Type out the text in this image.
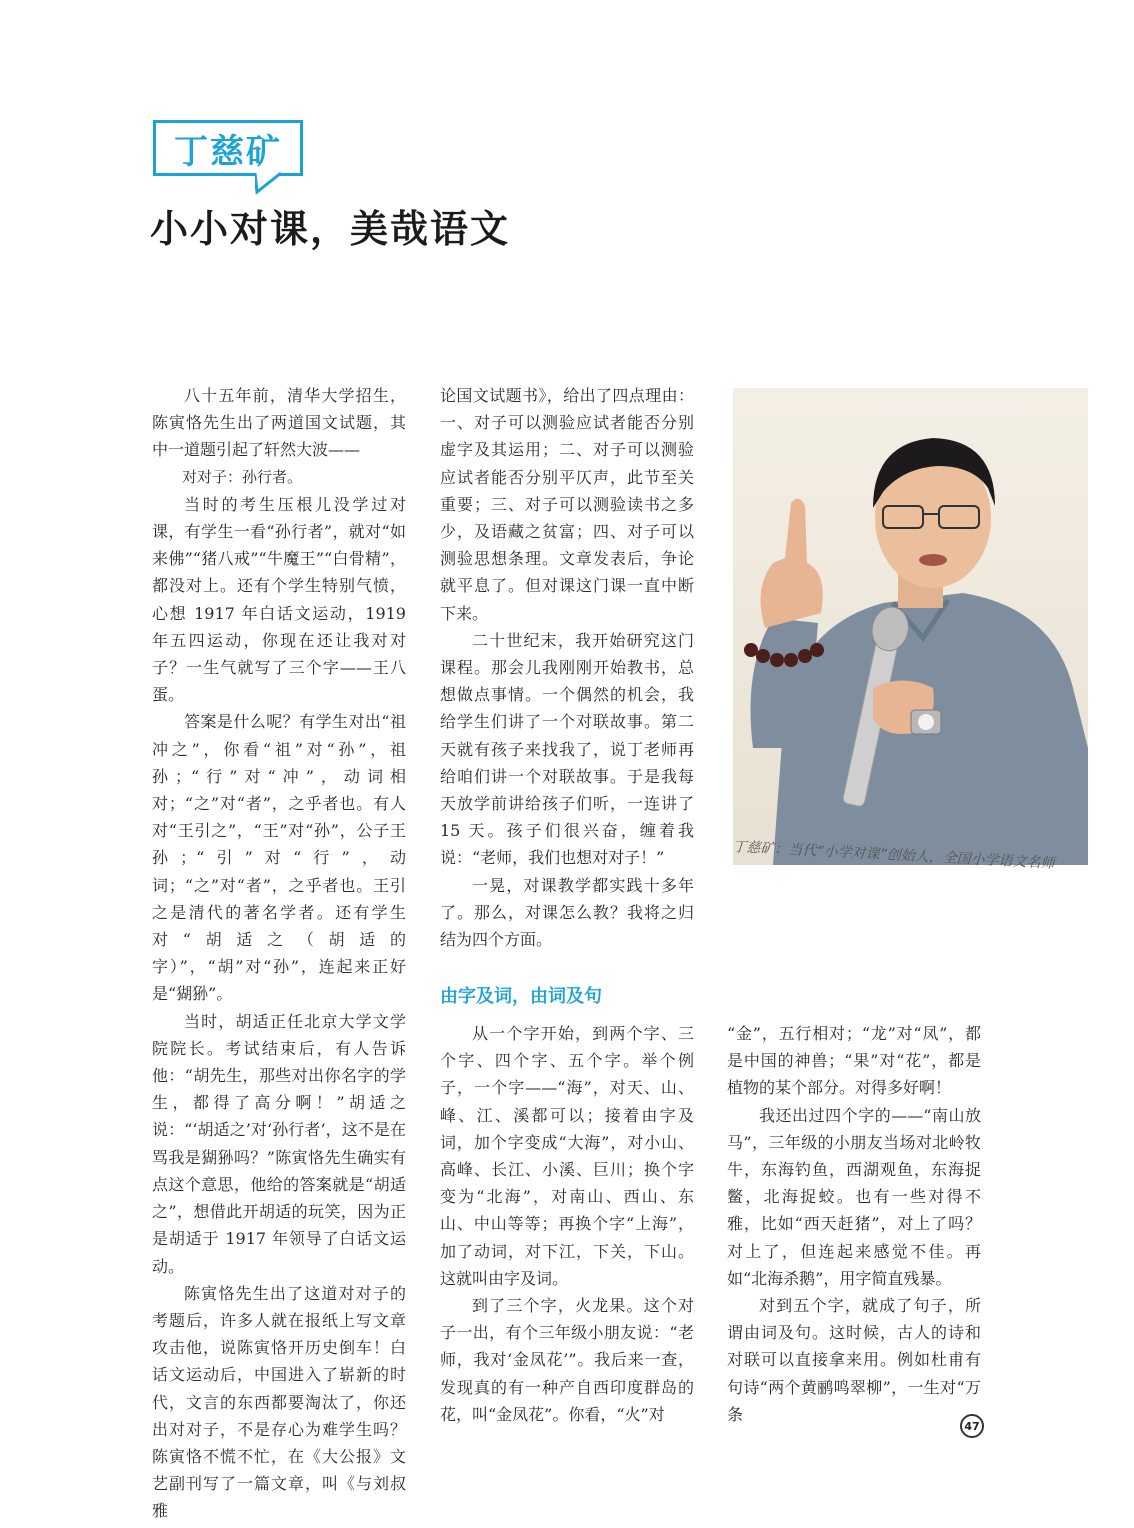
丁慈矿
小小对课，美哉语文

八十五年前，清华大学招生，陈寅恪先生出了两道国文试题，其中一道题引起了轩然大波——

对对子：孙行者。

当时的考生压根儿没学过对课，有学生一看“孙行者”，就对“如来佛”“猪八戒”“牛魔王”“白骨精”，都没对上。还有个学生特别气愤，心想 1917 年白话文运动，1919 年五四运动，你现在还让我对对子？一生气就写了三个字——王八蛋。

答案是什么呢？有学生对出“祖冲之”，你看“祖”对“孙”，祖孙；“行”对“冲”，动词相对；“之”对“者”，之乎者也。有人对“王引之”，“王”对“孙”，公子王孙；“引”对“行”，动词；“之”对“者”，之乎者也。王引之是清代的著名学者。还有学生对“胡适之（胡适的字）”，“胡”对“孙”，连起来正好是“猢狲”。

当时，胡适正任北京大学文学院院长。考试结束后，有人告诉他：“胡先生，那些对出你名字的学生，都得了高分啊！”胡适之说：“‘胡适之’对‘孙行者’，这不是在骂我是猢狲吗？”陈寅恪先生确实有点这个意思，他给的答案就是“胡适之”，想借此开胡适的玩笑，因为正是胡适于 1917 年领导了白话文运动。

陈寅恪先生出了这道对对子的考题后，许多人就在报纸上写文章攻击他，说陈寅恪开历史倒车！白话文运动后，中国进入了崭新的时代，文言的东西都要淘汰了，你还出对对子，不是存心为难学生吗？陈寅恪不慌不忙，在《大公报》文艺副刊写了一篇文章，叫《与刘叔雅

论国文试题书》，给出了四点理由：一、对子可以测验应试者能否分别虚字及其运用；二、对子可以测验应试者能否分别平仄声，此节至关重要；三、对子可以测验读书之多少，及语藏之贫富；四、对子可以测验思想条理。文章发表后，争论就平息了。但对课这门课一直中断下来。

二十世纪末，我开始研究这门课程。那会儿我刚刚开始教书，总想做点事情。一个偶然的机会，我给学生们讲了一个对联故事。第二天就有孩子来找我了，说丁老师再给咱们讲一个对联故事。于是我每天放学前讲给孩子们听，一连讲了 15 天。孩子们很兴奋，缠着我说：“老师，我们也想对对子！”

一晃，对课教学都实践十多年了。那么，对课怎么教？我将之归结为四个方面。

由字及词，由词及句

从一个字开始，到两个字、三个字、四个字、五个字。举个例子，一个字——“海”，对天、山、峰、江、溪都可以；接着由字及词，加个字变成“大海”，对小山、高峰、长江、小溪、巨川；换个字变为“北海”，对南山、西山、东山、中山等等；再换个字“上海”，加了动词，对下江，下关，下山。这就叫由字及词。

到了三个字，火龙果。这个对子一出，有个三年级小朋友说：“老师，我对‘金凤花’”。我后来一查，发现真的有一种产自西印度群岛的花，叫“金凤花”。你看，“火”对

“金”，五行相对；“龙”对“凤”，都是中国的神兽；“果”对“花”，都是植物的某个部分。对得多好啊！

我还出过四个字的——“南山放马”，三年级的小朋友当场对北岭牧牛，东海钓鱼，西湖观鱼，东海捉鳖，北海捉蛟。也有一些对得不雅，比如“西天赶猪”，对上了吗？对上了，但连起来感觉不佳。再如“北海杀鹅”，用字简直残暴。

对到五个字，就成了句子，所谓由词及句。这时候，古人的诗和对联可以直接拿来用。例如杜甫有句诗“两个黄鹂鸣翠柳”，一生对“万条

丁慈矿：当代“小学对课”创始人，全国小学语文名师
47
